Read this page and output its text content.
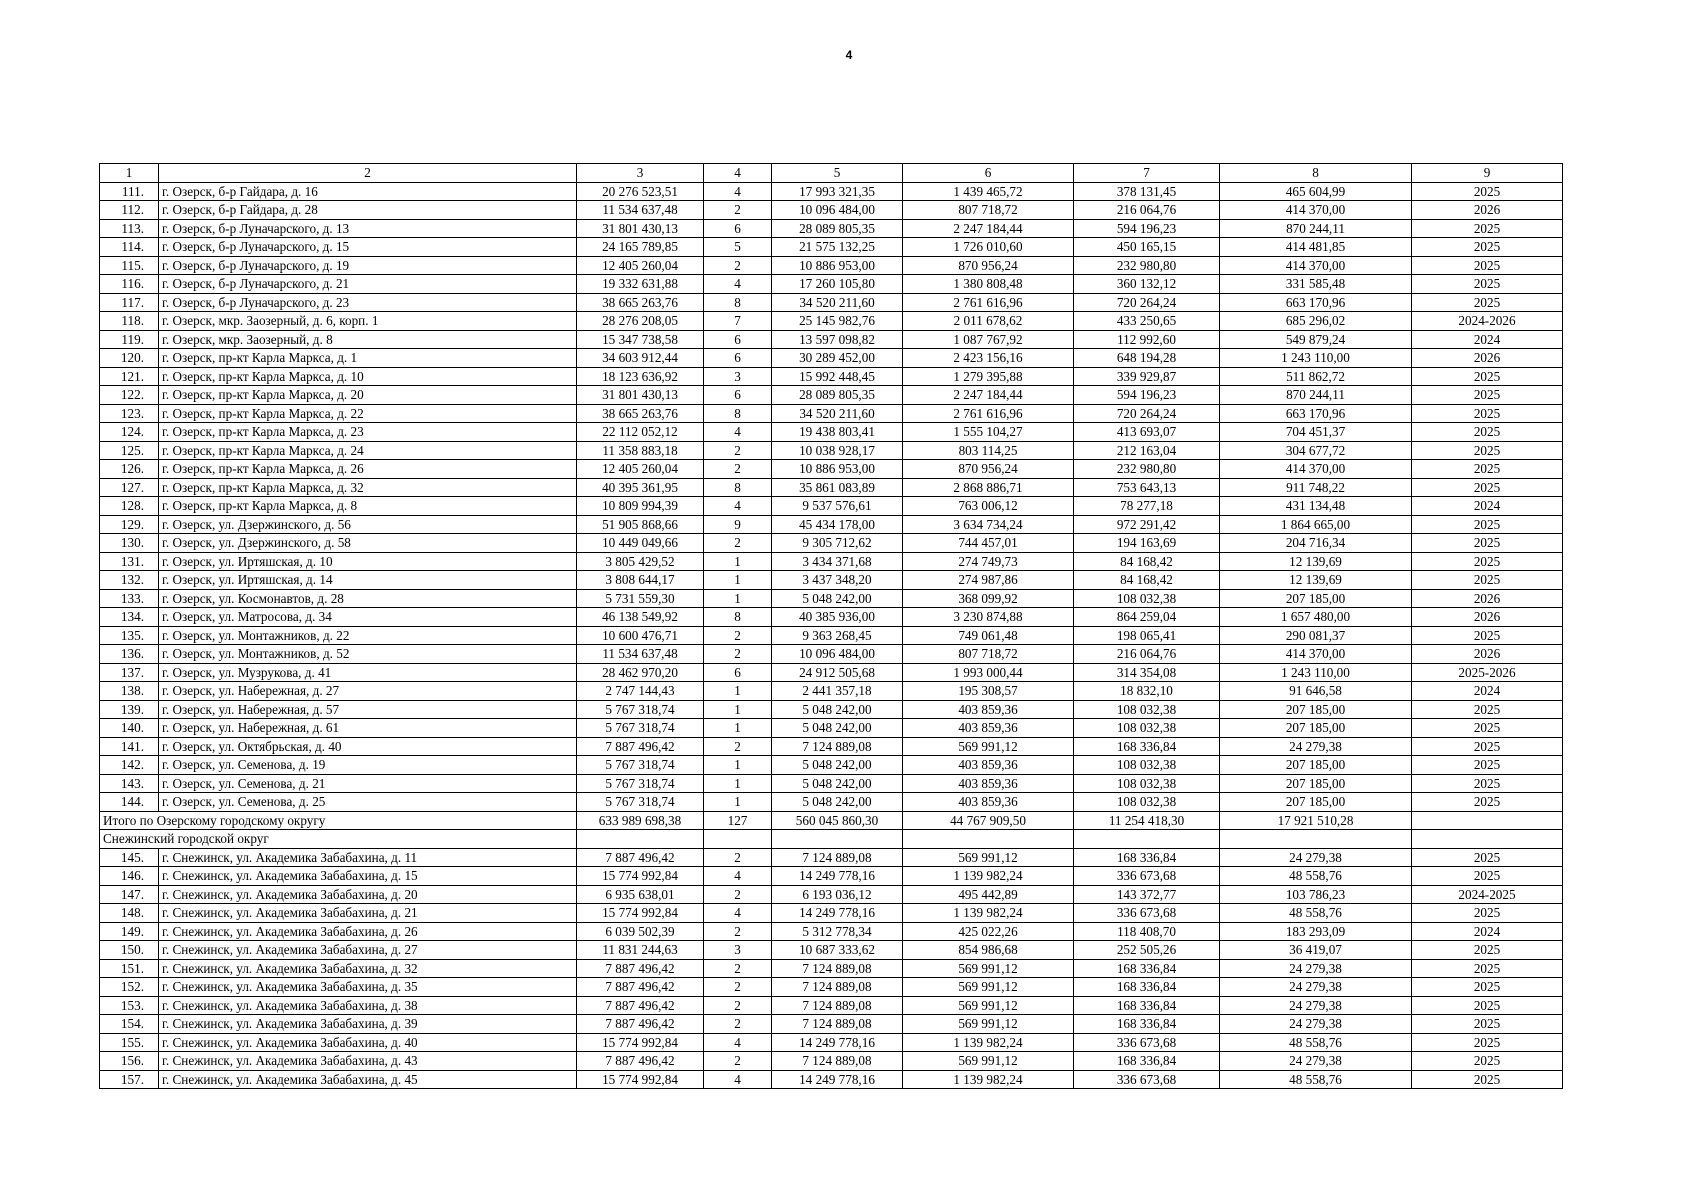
4
1	2	3	4	5	6	7	8	9
111.	г. Озерск, б-р Гайдара, д. 16	20 276 523,51	4	17 993 321,35	1 439 465,72	378 131,45	465 604,99	2025
112.	г. Озерск, б-р Гайдара, д. 28	11 534 637,48	2	10 096 484,00	807 718,72	216 064,76	414 370,00	2026
113.	г. Озерск, б-р Луначарского, д. 13	31 801 430,13	6	28 089 805,35	2 247 184,44	594 196,23	870 244,11	2025
114.	г. Озерск, б-р Луначарского, д. 15	24 165 789,85	5	21 575 132,25	1 726 010,60	450 165,15	414 481,85	2025
115.	г. Озерск, б-р Луначарского, д. 19	12 405 260,04	2	10 886 953,00	870 956,24	232 980,80	414 370,00	2025
116.	г. Озерск, б-р Луначарского, д. 21	19 332 631,88	4	17 260 105,80	1 380 808,48	360 132,12	331 585,48	2025
117.	г. Озерск, б-р Луначарского, д. 23	38 665 263,76	8	34 520 211,60	2 761 616,96	720 264,24	663 170,96	2025
118.	г. Озерск, мкр. Заозерный, д. 6, корп. 1	28 276 208,05	7	25 145 982,76	2 011 678,62	433 250,65	685 296,02	2024-2026
119.	г. Озерск, мкр. Заозерный, д. 8	15 347 738,58	6	13 597 098,82	1 087 767,92	112 992,60	549 879,24	2024
120.	г. Озерск, пр-кт Карла Маркса, д. 1	34 603 912,44	6	30 289 452,00	2 423 156,16	648 194,28	1 243 110,00	2026
121.	г. Озерск, пр-кт Карла Маркса, д. 10	18 123 636,92	3	15 992 448,45	1 279 395,88	339 929,87	511 862,72	2025
122.	г. Озерск, пр-кт Карла Маркса, д. 20	31 801 430,13	6	28 089 805,35	2 247 184,44	594 196,23	870 244,11	2025
123.	г. Озерск, пр-кт Карла Маркса, д. 22	38 665 263,76	8	34 520 211,60	2 761 616,96	720 264,24	663 170,96	2025
124.	г. Озерск, пр-кт Карла Маркса, д. 23	22 112 052,12	4	19 438 803,41	1 555 104,27	413 693,07	704 451,37	2025
125.	г. Озерск, пр-кт Карла Маркса, д. 24	11 358 883,18	2	10 038 928,17	803 114,25	212 163,04	304 677,72	2025
126.	г. Озерск, пр-кт Карла Маркса, д. 26	12 405 260,04	2	10 886 953,00	870 956,24	232 980,80	414 370,00	2025
127.	г. Озерск, пр-кт Карла Маркса, д. 32	40 395 361,95	8	35 861 083,89	2 868 886,71	753 643,13	911 748,22	2025
128.	г. Озерск, пр-кт Карла Маркса, д. 8	10 809 994,39	4	9 537 576,61	763 006,12	78 277,18	431 134,48	2024
129.	г. Озерск, ул. Дзержинского, д. 56	51 905 868,66	9	45 434 178,00	3 634 734,24	972 291,42	1 864 665,00	2025
130.	г. Озерск, ул. Дзержинского, д. 58	10 449 049,66	2	9 305 712,62	744 457,01	194 163,69	204 716,34	2025
131.	г. Озерск, ул. Иртяшская, д. 10	3 805 429,52	1	3 434 371,68	274 749,73	84 168,42	12 139,69	2025
132.	г. Озерск, ул. Иртяшская, д. 14	3 808 644,17	1	3 437 348,20	274 987,86	84 168,42	12 139,69	2025
133.	г. Озерск, ул. Космонавтов, д. 28	5 731 559,30	1	5 048 242,00	368 099,92	108 032,38	207 185,00	2026
134.	г. Озерск, ул. Матросова, д. 34	46 138 549,92	8	40 385 936,00	3 230 874,88	864 259,04	1 657 480,00	2026
135.	г. Озерск, ул. Монтажников, д. 22	10 600 476,71	2	9 363 268,45	749 061,48	198 065,41	290 081,37	2025
136.	г. Озерск, ул. Монтажников, д. 52	11 534 637,48	2	10 096 484,00	807 718,72	216 064,76	414 370,00	2026
137.	г. Озерск, ул. Музрукова, д. 41	28 462 970,20	6	24 912 505,68	1 993 000,44	314 354,08	1 243 110,00	2025-2026
138.	г. Озерск, ул. Набережная, д. 27	2 747 144,43	1	2 441 357,18	195 308,57	18 832,10	91 646,58	2024
139.	г. Озерск, ул. Набережная, д. 57	5 767 318,74	1	5 048 242,00	403 859,36	108 032,38	207 185,00	2025
140.	г. Озерск, ул. Набережная, д. 61	5 767 318,74	1	5 048 242,00	403 859,36	108 032,38	207 185,00	2025
141.	г. Озерск, ул. Октябрьская, д. 40	7 887 496,42	2	7 124 889,08	569 991,12	168 336,84	24 279,38	2025
142.	г. Озерск, ул. Семенова, д. 19	5 767 318,74	1	5 048 242,00	403 859,36	108 032,38	207 185,00	2025
143.	г. Озерск, ул. Семенова, д. 21	5 767 318,74	1	5 048 242,00	403 859,36	108 032,38	207 185,00	2025
144.	г. Озерск, ул. Семенова, д. 25	5 767 318,74	1	5 048 242,00	403 859,36	108 032,38	207 185,00	2025
Итого по Озерскому городскому округу		633 989 698,38	127	560 045 860,30	44 767 909,50	11 254 418,30	17 921 510,28	
Снежинский городской округ								
145.	г. Снежинск, ул. Академика Забабахина, д. 11	7 887 496,42	2	7 124 889,08	569 991,12	168 336,84	24 279,38	2025
146.	г. Снежинск, ул. Академика Забабахина, д. 15	15 774 992,84	4	14 249 778,16	1 139 982,24	336 673,68	48 558,76	2025
147.	г. Снежинск, ул. Академика Забабахина, д. 20	6 935 638,01	2	6 193 036,12	495 442,89	143 372,77	103 786,23	2024-2025
148.	г. Снежинск, ул. Академика Забабахина, д. 21	15 774 992,84	4	14 249 778,16	1 139 982,24	336 673,68	48 558,76	2025
149.	г. Снежинск, ул. Академика Забабахина, д. 26	6 039 502,39	2	5 312 778,34	425 022,26	118 408,70	183 293,09	2024
150.	г. Снежинск, ул. Академика Забабахина, д. 27	11 831 244,63	3	10 687 333,62	854 986,68	252 505,26	36 419,07	2025
151.	г. Снежинск, ул. Академика Забабахина, д. 32	7 887 496,42	2	7 124 889,08	569 991,12	168 336,84	24 279,38	2025
152.	г. Снежинск, ул. Академика Забабахина, д. 35	7 887 496,42	2	7 124 889,08	569 991,12	168 336,84	24 279,38	2025
153.	г. Снежинск, ул. Академика Забабахина, д. 38	7 887 496,42	2	7 124 889,08	569 991,12	168 336,84	24 279,38	2025
154.	г. Снежинск, ул. Академика Забабахина, д. 39	7 887 496,42	2	7 124 889,08	569 991,12	168 336,84	24 279,38	2025
155.	г. Снежинск, ул. Академика Забабахина, д. 40	15 774 992,84	4	14 249 778,16	1 139 982,24	336 673,68	48 558,76	2025
156.	г. Снежинск, ул. Академика Забабахина, д. 43	7 887 496,42	2	7 124 889,08	569 991,12	168 336,84	24 279,38	2025
157.	г. Снежинск, ул. Академика Забабахина, д. 45	15 774 992,84	4	14 249 778,16	1 139 982,24	336 673,68	48 558,76	2025
